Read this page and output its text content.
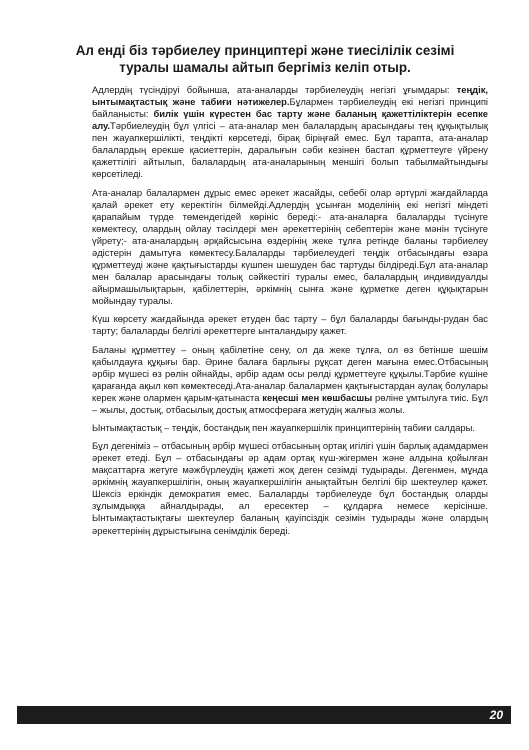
Ал енді біз тәрбиелеу принциптері және тиесілілік сезімі туралы шамалы айтып бергіміз келіп отыр.

Адлердің түсіндіруі бойынша, ата-аналарды тәрбиелеудің негізгі ұғымдары: теңдік, ынтымақтастық және табиғи нәтижелер.Бұлармен тәрбиелеудің екі негізгі принципі байланысты: билік үшін күрестен бас тарту және баланың қажеттіліктерін есепке алу.Тәрбиелеудің бұл үлгісі – ата-аналар мен балалардың арасындағы тең құқықтылық пен жауапкершілікті, теңдікті көрсетеді, бірақ біріңғай емес. Бұл тарапта, ата-аналар балалардың ерекше қасиеттерін, даралығын сәби кезінен бастап құрметтеуге үйрену қажеттілігі айтылып, балалардың ата-аналарының меншігі болып табылмайтындығы көрсетіледі.

Ата-аналар балалармен дұрыс емес әрекет жасайды, себебі олар әртүрлі жағдайларда қалай әрекет ету керектігін білмейді.Адлердің ұсынған моделінің екі негізгі міндеті қарапайым түрде төмендегідей көрініс береді:- ата-аналарға балаларды түсінуге көмектесу, олардың ойлау тәсілдері мен әрекеттерінің себептерін және мәнін түсінуге үйрету;- ата-аналардың әрқайсысына өздерінің жеке тұлға ретінде баланы тәрбиелеу әдістерін дамытуға көмектесу.Балаларды тәрбиелеудегі теңдік отбасындағы өзара құрметтеуді және қақтығыстарды күшпен шешуден бас тартуды білдіреді.Бұл ата-аналар мен балалар арасындағы толық сәйкестігі туралы емес, балалардың индивидуалды айырмашылықтарын, қабілеттерін, әркімнің сынға және құрметке деген құқықтарын мойындау туралы.

Күш көрсету жағдайында әрекет етуден бас тарту – бұл балаларды бағынды-рудан бас тарту; балаларды белгілі әрекеттерге ынталандыру қажет.

Баланы құрметтеу – оның қабілетіне сену, ол да жеке тұлға, ол өз бетінше шешім қабылдауға құқығы бар. Әрине балаға барлығы рұқсат деген мағына емес.Отбасының әрбір мүшесі өз рөлін ойнайды, әрбір адам осы рөлді құрметтеуге құқылы.Тәрбие күшіне қарағанда ақыл көп көмектеседі.Ата-аналар балалармен қақтығыстардан аулақ болулары керек және олармен қарым-қатынаста кеңесші мен көшбасшы рөліне ұмтылуға тиіс. Бұл – жылы, достық, отбасылық достық атмосфераға жетудің жалғыз жолы.

Ынтымақтастық – теңдік, бостандық пен жауапкершілік принциптерінің табиғи салдары.

Бұл дегеніміз – отбасының әрбір мүшесі отбасының ортақ игілігі үшін барлық адамдармен әрекет етеді. Бұл – отбасындағы әр адам ортақ күш-жігермен және алдына қойылған мақсаттарға жетуге мәжбүрлеудің қажеті жоқ деген сезімді тудырады. Дегенмен, мұнда әркімнің жауапкершілігін, оның жауапкершілігін анықтайтын белгілі бір шектеулер қажет. Шексіз еркіндік демократия емес. Балаларды тәрбиелеуде бұл бостандық оларды зұлымдыққа айналдырады, ал ересектер – құлдарға немесе керісінше. Ынтымақтастықтағы шектеулер баланың қауіпсіздік сезімін тудырады және олардың әрекеттерінің дұрыстығына сенімділік береді.

20
